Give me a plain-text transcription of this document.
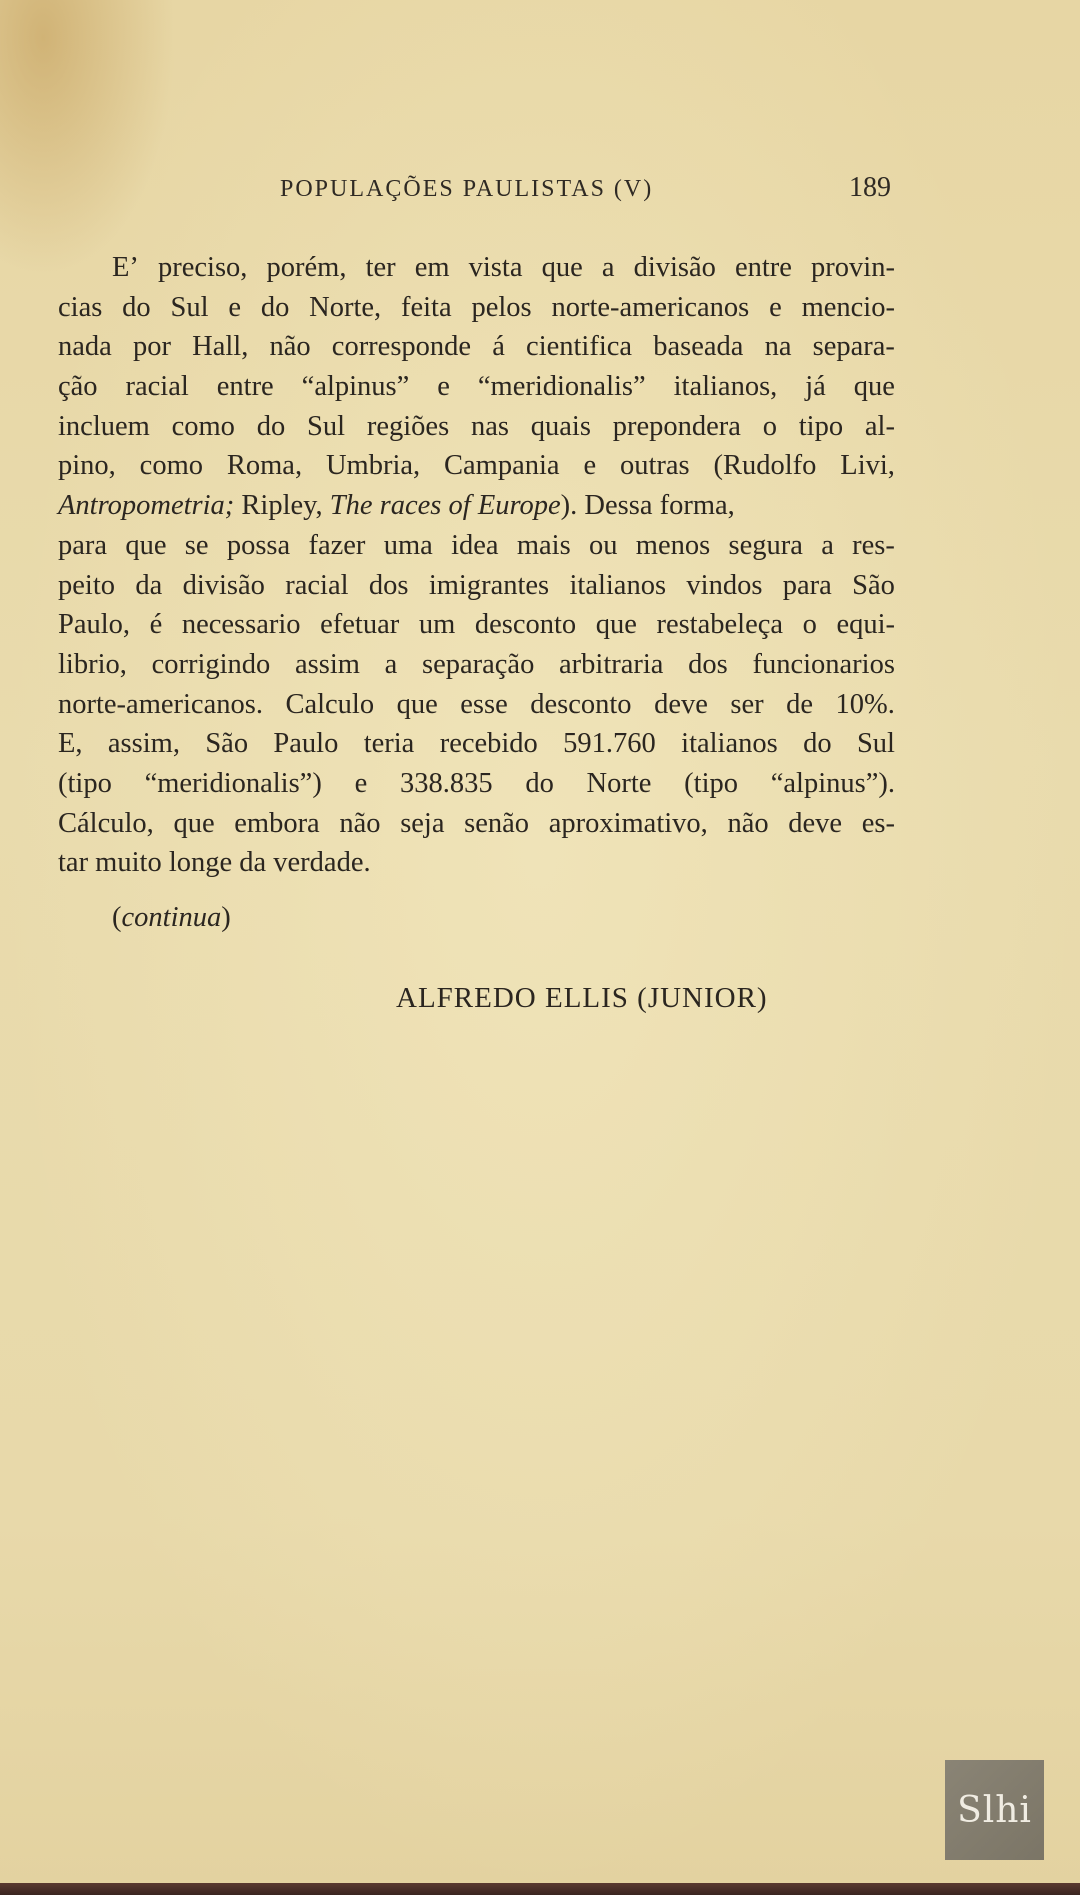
POPULAÇÕES PAULISTAS (V)	189
E’ preciso, porém, ter em vista que a divisão entre provin-
cias do Sul e do Norte, feita pelos norte-americanos e mencio-
nada por Hall, não corresponde á cientifica baseada na separa-
ção racial entre “alpinus” e “meridionalis” italianos, já que
incluem como do Sul regiões nas quais prepondera o tipo al-
pino, como Roma, Umbria, Campania e outras (Rudolfo Livi,
Antropometria; Ripley, The races of Europe). Dessa forma,
para que se possa fazer uma idea mais ou menos segura a res-
peito da divisão racial dos imigrantes italianos vindos para São
Paulo, é necessario efetuar um desconto que restabeleça o equi-
librio, corrigindo assim a separação arbitraria dos funcionarios
norte-americanos. Calculo que esse desconto deve ser de 10%.
E, assim, São Paulo teria recebido 591.760 italianos do Sul
(tipo “meridionalis”) e 338.835 do Norte (tipo “alpinus”).
Cálculo, que embora não seja senão aproximativo, não deve es-
tar muito longe da verdade.
(continua)
ALFREDO ELLIS (JUNIOR)
Slhi
